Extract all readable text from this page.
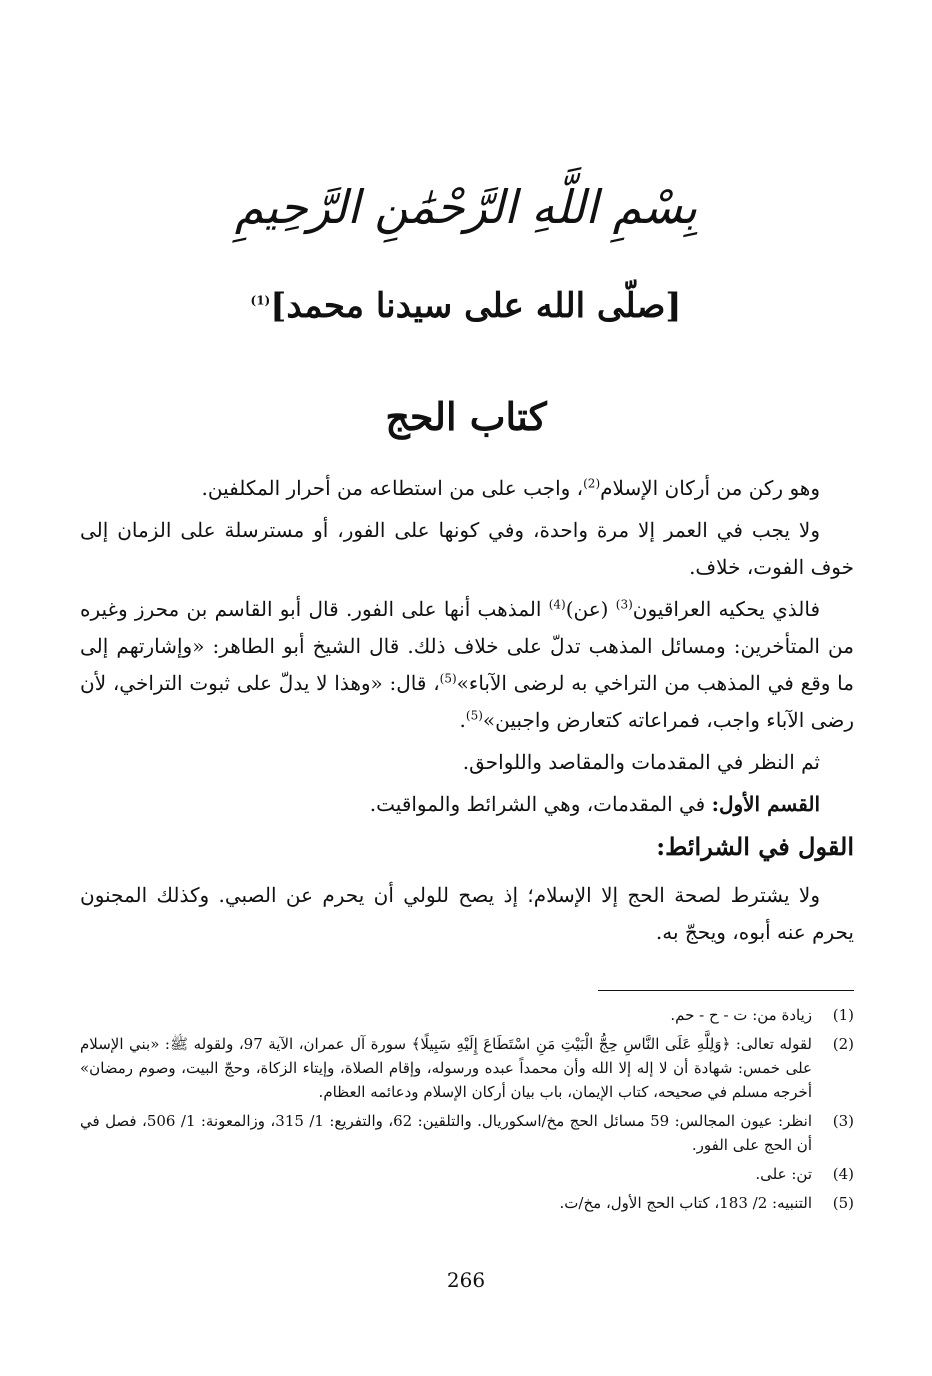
بِسْمِ اللَّهِ الرَّحْمَٰنِ الرَّحِيمِ
[صلّى الله على سيدنا محمد]$^{(1)}$
كتاب الحج

وهو ركن من أركان الإسلام$^{(2)}$، واجب على من استطاعه من أحرار المكلفين.

ولا يجب في العمر إلا مرة واحدة، وفي كونها على الفور، أو مسترسلة على الزمان إلى خوف الفوت، خلاف.

فالذي يحكيه العراقيون$^{(3)}$ (عن)$^{(4)}$ المذهب أنها على الفور. قال أبو القاسم بن محرز وغيره من المتأخرين: ومسائل المذهب تدلّ على خلاف ذلك. قال الشيخ أبو الطاهر: «وإشارتهم إلى ما وقع في المذهب من التراخي به لرضى الآباء»$^{(5)}$، قال: «وهذا لا يدلّ على ثبوت التراخي، لأن رضى الآباء واجب، فمراعاته كتعارض واجبين»$^{(5)}$.

ثم النظر في المقدمات والمقاصد واللواحق.

القسم الأول: في المقدمات، وهي الشرائط والمواقيت.

القول في الشرائط:

ولا يشترط لصحة الحج إلا الإسلام؛ إذ يصح للولي أن يحرم عن الصبي. وكذلك المجنون يحرم عنه أبوه، ويحجّ به.

(1)
زيادة من: ت - ح - حم.
(2)
لقوله تعالى: ﴿وَلِلَّهِ عَلَى النَّاسِ حِجُّ الْبَيْتِ مَنِ اسْتَطَاعَ إِلَيْهِ سَبِيلًا﴾ سورة آل عمران، الآية 97، ولقوله ﷺ: «بني الإسلام على خمس: شهادة أن لا إله إلا الله وأن محمداً عبده ورسوله، وإقام الصلاة، وإيتاء الزكاة، وحجّ البيت، وصوم رمضان» أخرجه مسلم في صحيحه، كتاب الإيمان، باب بيان أركان الإسلام ودعائمه العظام.
(3)
انظر: عيون المجالس: 59 مسائل الحج مخ/اسكوريال. والتلقين: 62، والتفريع: 1/ 315، وزالمعونة: 1/ 506، فصل في أن الحج على الفور.
(4)
تن: على.
(5)
التنبيه: 2/ 183، كتاب الحج الأول، مخ/ت.
266
